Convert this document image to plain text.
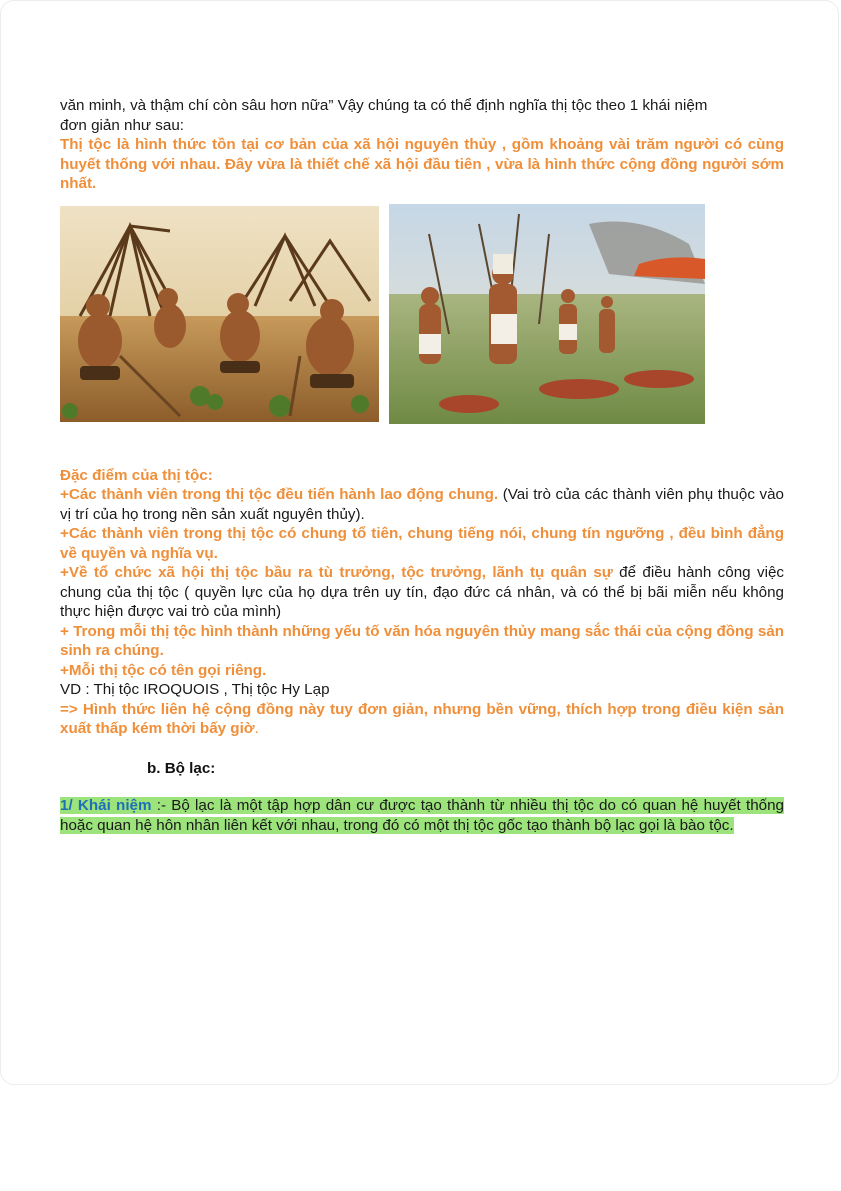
văn minh, và thậm chí còn sâu hơn nữa” Vậy chúng ta có thể định nghĩa thị tộc theo 1 khái niệm
đơn giản như sau:

Thị tộc là hình thức tồn tại cơ bản của xã hội nguyên thủy , gồm khoảng vài trăm người có cùng huyết thống với nhau. Đây vừa là thiết chế xã hội đầu tiên , vừa là hình thức cộng đồng người sớm nhất.

Đặc điểm của thị tộc:

+Các thành viên trong thị tộc đều tiến hành lao động chung. (Vai trò của các thành viên phụ thuộc vào vị trí của họ trong nền sản xuất nguyên thủy).

+Các thành viên trong thị tộc có chung tổ tiên, chung tiếng nói, chung tín ngưỡng , đều bình đẳng về quyền và nghĩa vụ.

+Về tổ chức xã hội thị tộc bầu ra tù trưởng, tộc trưởng, lãnh tụ quân sự để điều hành công việc chung của thị tộc ( quyền lực của họ dựa trên uy tín, đạo đức cá nhân, và có thể bị bãi miễn nếu không thực hiện được vai trò của mình)

+ Trong mỗi thị tộc hình thành những yếu tố văn hóa nguyên thủy mang sắc thái của cộng đồng sản sinh ra chúng.

+Mỗi thị tộc có tên gọi riêng.

VD : Thị tộc IROQUOIS , Thị tộc Hy Lạp

=> Hình thức liên hệ cộng đồng này tuy đơn giản, nhưng bền vững, thích hợp trong điều kiện sản xuất thấp kém thời bấy giờ.

b. Bộ lạc:

1/ Khái niệm :- Bộ lạc là một tập hợp dân cư được tạo thành từ nhiều thị tộc do có quan hệ huyết thống hoặc quan hệ hôn nhân liên kết với nhau, trong đó có một thị tộc gốc tạo thành bộ lạc gọi là bào tộc.
